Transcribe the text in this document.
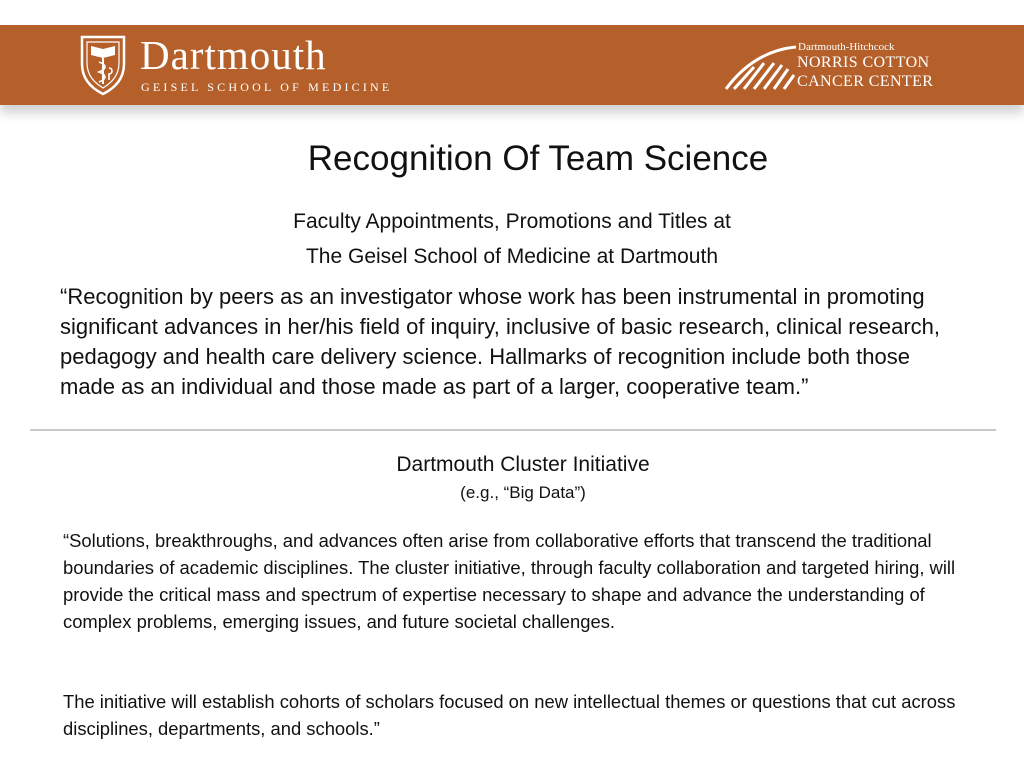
Dartmouth
GEISEL SCHOOL OF MEDICINE
Dartmouth-Hitchcock
NORRIS COTTON
CANCER CENTER
Recognition Of Team Science
Faculty Appointments, Promotions and Titles at
The Geisel School of Medicine at Dartmouth

“Recognition by peers as an investigator whose work has been instrumental in promoting significant advances in her/his field of inquiry, inclusive of basic research, clinical research, pedagogy and health care delivery science. Hallmarks of recognition include both those made as an individual and those made as part of a larger, cooperative team.”

Dartmouth Cluster Initiative
(e.g., “Big Data”)

“Solutions, breakthroughs, and advances often arise from collaborative efforts that transcend the traditional boundaries of academic disciplines. The cluster initiative, through faculty collaboration and targeted hiring, will provide the critical mass and spectrum of expertise necessary to shape and advance the understanding of complex problems, emerging issues, and future societal challenges.

The initiative will establish cohorts of scholars focused on new intellectual themes or questions that cut across disciplines, departments, and schools.”
